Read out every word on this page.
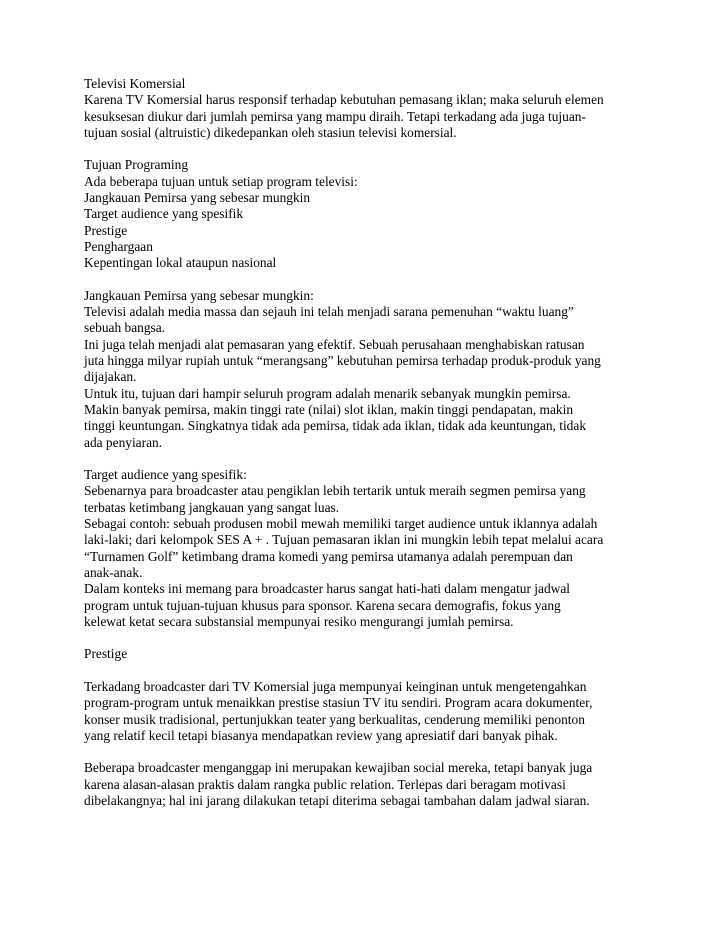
Televisi Komersial
Karena TV Komersial harus responsif terhadap kebutuhan pemasang iklan; maka seluruh elemen
kesuksesan diukur dari jumlah pemirsa yang mampu diraih. Tetapi terkadang ada juga tujuan-
tujuan sosial (altruistic) dikedepankan oleh stasiun televisi komersial.
Tujuan Programing
Ada beberapa tujuan untuk setiap program televisi:
Jangkauan Pemirsa yang sebesar mungkin
Target audience yang spesifik
Prestige
Penghargaan
Kepentingan lokal ataupun nasional
Jangkauan Pemirsa yang sebesar mungkin:
Televisi adalah media massa dan sejauh ini telah menjadi sarana pemenuhan “waktu luang”
sebuah bangsa.
Ini juga telah menjadi alat pemasaran yang efektif. Sebuah perusahaan menghabiskan ratusan
juta hingga milyar rupiah untuk “merangsang” kebutuhan pemirsa terhadap produk-produk yang
dijajakan.
Untuk itu, tujuan dari hampir seluruh program adalah menarik sebanyak mungkin pemirsa.
Makin banyak pemirsa, makin tinggi rate (nilai) slot iklan, makin tinggi pendapatan, makin
tinggi keuntungan. Singkatnya tidak ada pemirsa, tidak ada iklan, tidak ada keuntungan, tidak
ada penyiaran.
Target audience yang spesifik:
Sebenarnya para broadcaster atau pengiklan lebih tertarik untuk meraih segmen pemirsa yang
terbatas ketimbang jangkauan yang sangat luas.
Sebagai contoh: sebuah produsen mobil mewah memiliki target audience untuk iklannya adalah
laki-laki; dari kelompok SES A + . Tujuan pemasaran iklan ini mungkin lebih tepat melalui acara
“Turnamen Golf” ketimbang drama komedi yang pemirsa utamanya adalah perempuan dan
anak-anak.
Dalam konteks ini memang para broadcaster harus sangat hati-hati dalam mengatur jadwal
program untuk tujuan-tujuan khusus para sponsor. Karena secara demografis, fokus yang
kelewat ketat secara substansial mempunyai resiko mengurangi jumlah pemirsa.
Prestige
Terkadang broadcaster dari TV Komersial juga mempunyai keinginan untuk mengetengahkan
program-program untuk menaikkan prestise stasiun TV itu sendiri. Program acara dokumenter,
konser musik tradisional, pertunjukkan teater yang berkualitas, cenderung memiliki penonton
yang relatif kecil tetapi biasanya mendapatkan review yang apresiatif dari banyak pihak.
Beberapa broadcaster menganggap ini merupakan kewajiban social mereka, tetapi banyak juga
karena alasan-alasan praktis dalam rangka public relation. Terlepas dari beragam motivasi
dibelakangnya; hal ini jarang dilakukan tetapi diterima sebagai tambahan dalam jadwal siaran.
